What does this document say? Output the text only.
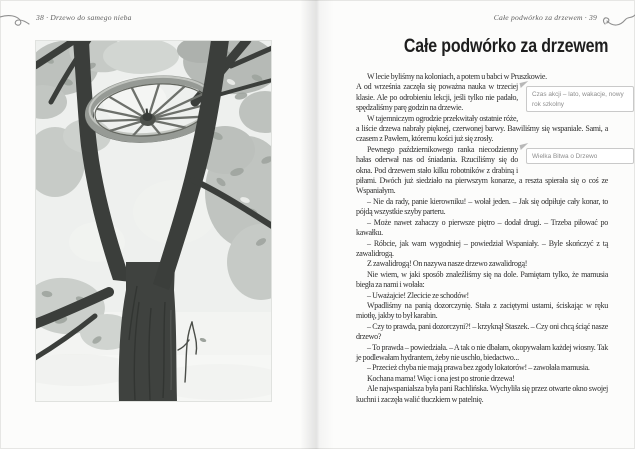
38 · Drzewo do samego nieba	Całe podwórko za drzewem · 39
Całe podwórko za drzewem

W lecie byliśmy na koloniach, a potem u babci w Pruszkowie.

Czas akcji – lato, wakacje, nowy rok szkolny
A od września zaczęła się poważna nauka w trzeciej klasie. Ale po odrobieniu lekcji, jeśli tylko nie padało, spędzaliśmy parę godzin na drzewie.

W tajemniczym ogrodzie przekwitały ostatnie róże, a liście drzewa nabrały pięknej, czerwonej barwy. Bawiliśmy się wspaniale. Sami, a czasem z Pawłem, któremu kości już się zrosły.

Wielka Bitwa o Drzewo
Pewnego październikowego ranka niecodzienny hałas oderwał nas od śniadania. Rzuciliśmy się do okna. Pod drzewem stało kilku robotników z drabiną i piłami. Dwóch już siedziało na pierwszym konarze, a reszta spierała się o coś ze Wspaniałym.

– Nie da rady, panie kierowniku! – wołał jeden. – Jak się odpiłuje cały konar, to pójdą wszystkie szyby parteru.

– Może nawet zahaczy o pierwsze piętro – dodał drugi. – Trzeba piłować po kawałku.

– Róbcie, jak wam wygodniej – powiedział Wspaniały. – Byle skończyć z tą zawalidrogą.

Z zawalidrogą! On nazywa nasze drzewo zawalidrogą!

Nie wiem, w jaki sposób znaleźliśmy się na dole. Pamiętam tylko, że mamusia biegła za nami i wołała:

– Uważajcie! Zlecicie ze schodów!

Wpadliśmy na panią dozorczynię. Stała z zaciętymi ustami, ściskając w ręku miotłę, jakby to był karabin.

– Czy to prawda, pani dozorczyni?! – krzyknął Staszek. – Czy oni chcą ściąć nasze drzewo?

– To prawda – powiedziała. – A tak o nie dbałam, okopywałam każdej wiosny. Tak je podlewałam hydrantem, żeby nie uschło, biedactwo...

– Przecież chyba nie mają prawa bez zgody lokatorów! – zawołała mamusia.

Kochana mama! Więc i ona jest po stronie drzewa!

Ale najwspanialsza była pani Rachlińska. Wychyliła się przez otwarte okno swojej kuchni i zaczęła walić tłuczkiem w patelnię.
